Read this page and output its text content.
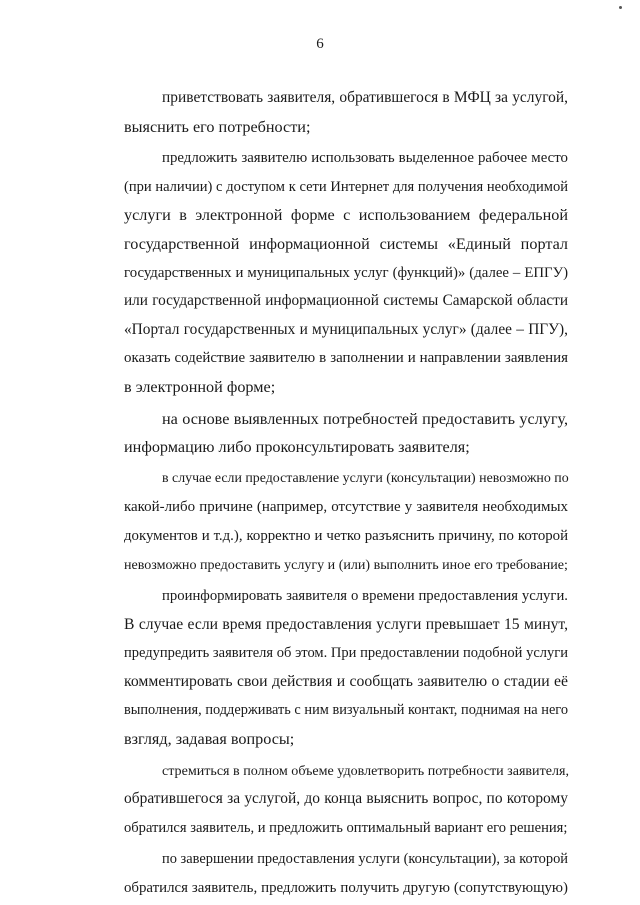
6

приветствовать заявителя, обратившегося в МФЦ за услугой,
выяснить его потребности;

предложить заявителю использовать выделенное рабочее место
(при наличии) с доступом к сети Интернет для получения необходимой
услуги в электронной форме с использованием федеральной
государственной информационной системы «Единый портал
государственных и муниципальных услуг (функций)» (далее – ЕПГУ)
или государственной информационной системы Самарской области
«Портал государственных и муниципальных услуг» (далее – ПГУ),
оказать содействие заявителю в заполнении и направлении заявления
в электронной форме;

на основе выявленных потребностей предоставить услугу,
информацию либо проконсультировать заявителя;

в случае если предоставление услуги (консультации) невозможно по
какой-либо причине (например, отсутствие у заявителя необходимых
документов и т.д.), корректно и четко разъяснить причину, по которой
невозможно предоставить услугу и (или) выполнить иное его требование;

проинформировать заявителя о времени предоставления услуги.
В случае если время предоставления услуги превышает 15 минут,
предупредить заявителя об этом. При предоставлении подобной услуги
комментировать свои действия и сообщать заявителю о стадии её
выполнения, поддерживать с ним визуальный контакт, поднимая на него
взгляд, задавая вопросы;

стремиться в полном объеме удовлетворить потребности заявителя,
обратившегося за услугой, до конца выяснить вопрос, по которому
обратился заявитель, и предложить оптимальный вариант его решения;

по завершении предоставления услуги (консультации), за которой
обратился заявитель, предложить получить другую (сопутствующую)
